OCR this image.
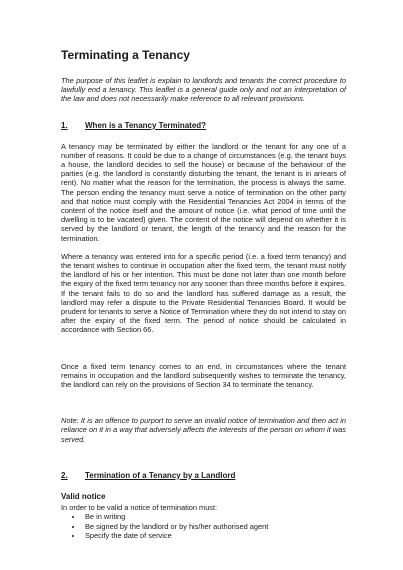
Terminating a Tenancy

The purpose of this leaflet is explain to landlords and tenants the correct procedure to lawfully end a tenancy. This leaflet is a general guide only and not an interpretation of the law and does not necessarily make reference to all relevant provisions.

1. When is a Tenancy Terminated?

A tenancy may be terminated by either the landlord or the tenant for any one of a number of reasons. It could be due to a change of circumstances (e.g. the tenant buys a house, the landlord decides to sell the house) or because of the behaviour of the parties (e.g. the landlord is constantly disturbing the tenant, the tenant is in arrears of rent). No matter what the reason for the termination, the process is always the same. The person ending the tenancy must serve a notice of termination on the other party and that notice must comply with the Residential Tenancies Act 2004 in terms of the content of the notice itself and the amount of notice (i.e. what period of time until the dwelling is to be vacated) given. The content of the notice will depend on whether it is served by the landlord or tenant, the length of the tenancy and the reason for the termination.

Where a tenancy was entered into for a specific period (i.e. a fixed term tenancy) and the tenant wishes to continue in occupation after the fixed term, the tenant must notify the landlord of his or her intention. This must be done not later than one month before the expiry of the fixed term tenancy nor any sooner than three months before it expires. If the tenant fails to do so and the landlord has suffered damage as a result, the landlord may refer a dispute to the Private Residential Tenancies Board. It would be prudent for tenants to serve a Notice of Termination where they do not intend to stay on after the expiry of the fixed term. The period of notice should be calculated in accordance with Section 66.

Once a fixed term tenancy comes to an end, in circumstances where the tenant remains in occupation and the landlord subsequently wishes to terminate the tenancy, the landlord can rely on the provisions of Section 34 to terminate the tenancy.

Note: It is an offence to purport to serve an invalid notice of termination and then act in reliance on it in a way that adversely affects the interests of the person on whom it was served.

2. Termination of a Tenancy by a Landlord
Valid notice

In order to be valid a notice of termination must:

• Be in writing
• Be signed by the landlord or by his/her authorised agent
• Specify the date of service
